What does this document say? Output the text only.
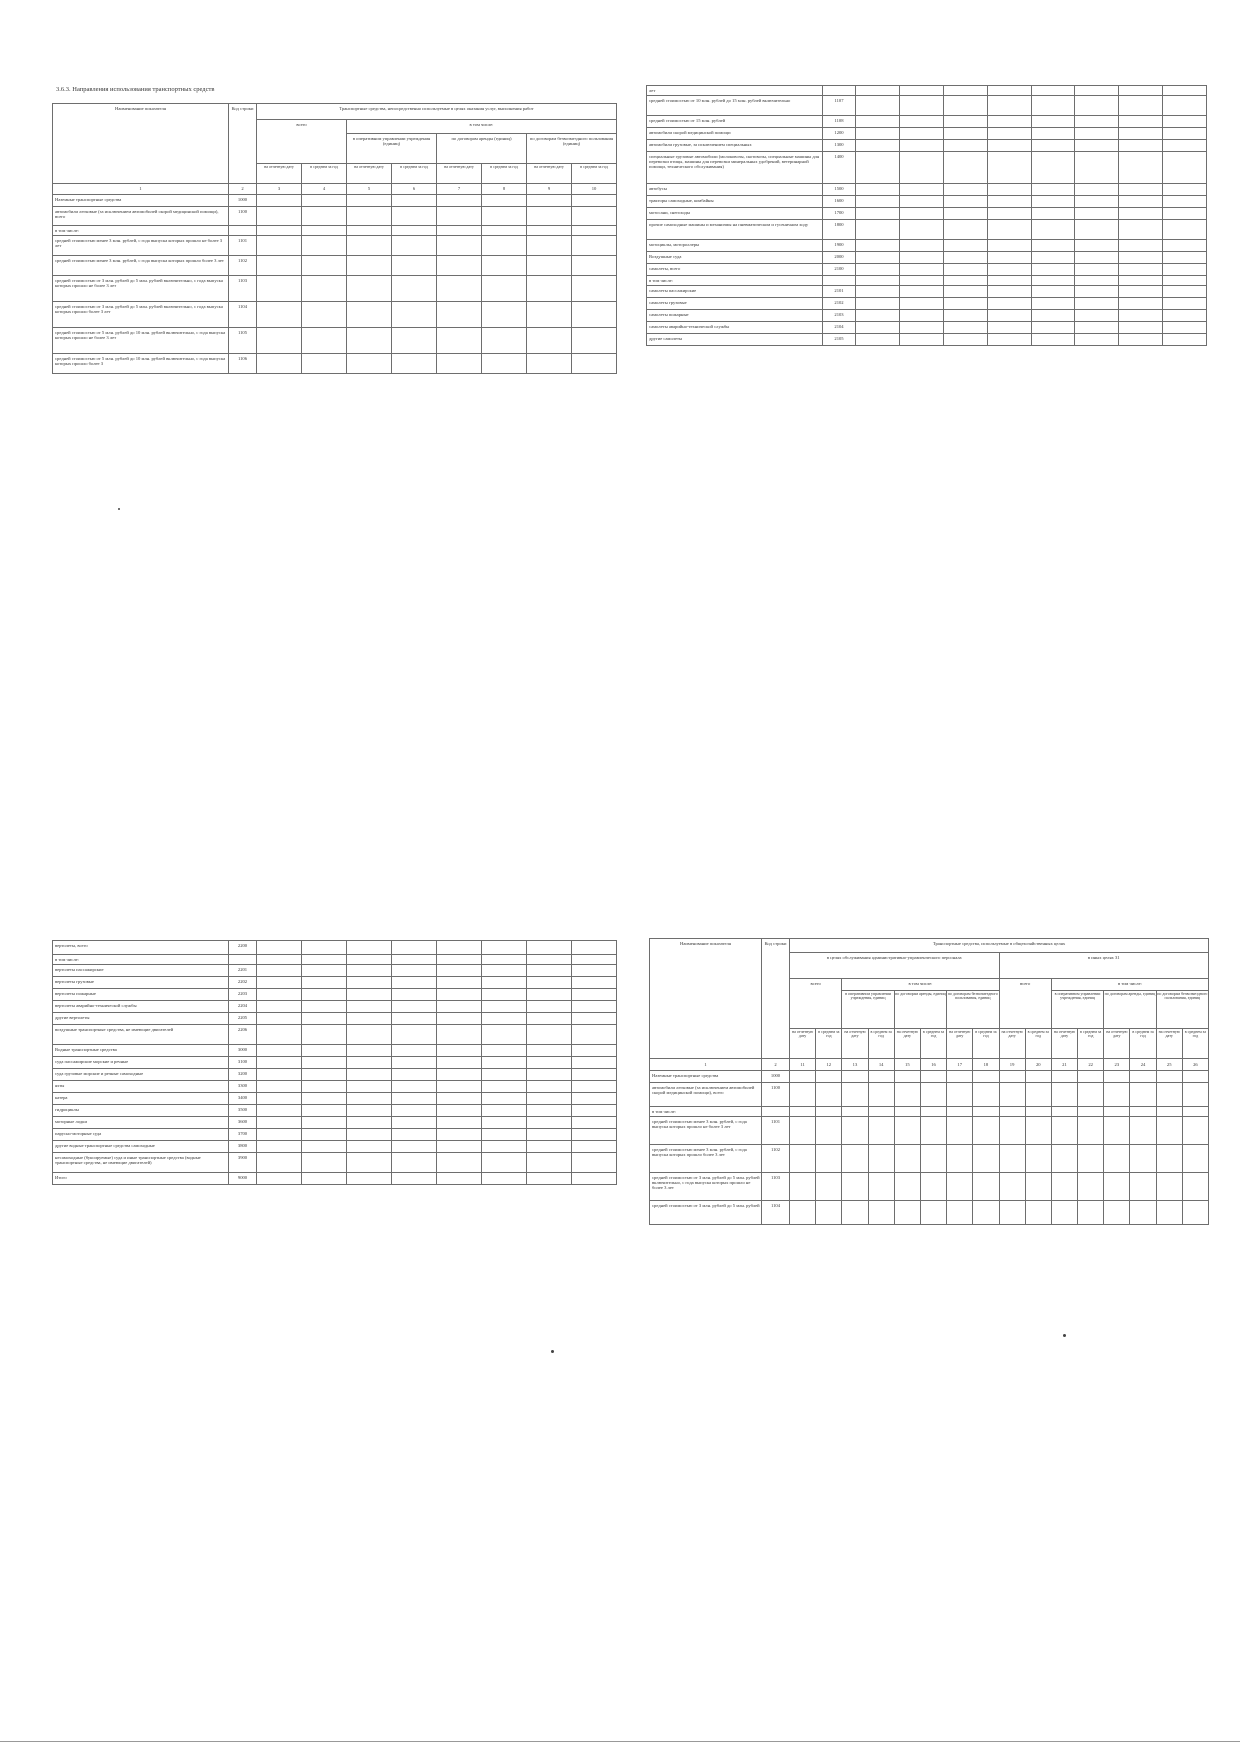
3.6.3. Направления использования транспортных средств
Наименование показателя	Код строки	Транспортные средства, непосредственно используемые в целях оказания услуг, выполнения работ							
		всего		в том числе:					
				в оперативном управлении учреждения (единиц)		по договорам аренды (единиц)		по договорам безвозмездного пользования (единиц)	
		на отчетную дату	в среднем за год	на отчетную дату	в среднем за год	на отчетную дату	в среднем за год	на отчетную дату	в среднем за год
1	2	3	4	5	6	7	8	9	10
Наземные транспортные средства	1000								
автомобили легковые (за исключением автомобилей скорой медицинской помощи), всего	1100								
в том числе:									
средней стоимостью менее 3 млн. рублей, с года выпуска которых прошло не более 3 лет	1101								
средней стоимостью менее 3 млн. рублей, с года выпуска которых прошло более 3 лет	1102								
средней стоимостью от 3 млн. рублей до 5 млн. рублей включительно, с года выпуска которых прошло не более 3 лет	1103								
средней стоимостью от 3 млн. рублей до 5 млн. рублей включительно, с года выпуска которых прошло более 3 лет	1104								
средней стоимостью от 5 млн. рублей до 10 млн. рублей включительно, с года выпуска которых прошло не более 3 лет	1105								
средней стоимостью от 5 млн. рублей до 10 млн. рублей включительно, с года выпуска которых прошло более 3	1106								
лет									
средней стоимостью от 10 млн. рублей до 15 млн. рублей включительно	1107								
средней стоимостью от 15 млн. рублей	1108								
автомобили скорой медицинской помощи	1200								
автомобили грузовые, за исключением специальных	1300								
специальные грузовые автомобили (молоковозы, скотовозы, специальные машины для перевозки птицы, машины для перевозки минеральных удобрений, ветеринарной помощи, технического обслуживания)	1400								
автобусы	1500								
тракторы самоходные, комбайны	1600								
мотосани, снегоходы	1700								
прочие самоходные машины и механизмы на пневматическом и гусеничном ходу	1800								
мотоциклы, мотороллеры	1900								
Воздушные суда	2000								
самолеты, всего	2100								
в том числе:									
самолеты пассажирские	2101								
самолеты грузовые	2102								
самолеты пожарные	2103								
самолеты аварийно-технической службы	2104								
другие самолеты	2105								
вертолеты, всего	2200								
в том числе:									
вертолеты пассажирские	2201								
вертолеты грузовые	2202								
вертолеты пожарные	2203								
вертолеты аварийно-технической службы	2204								
другие вертолеты	2205								
воздушные транспортные средства, не имеющие двигателей	2206								
Водные транспортные средства	3000								
суда пассажирские морские и речные	3100								
суда грузовые морские и речные самоходные	3200								
яхты	3300								
катера	3400								
гидроциклы	3500								
моторные лодки	3600								
парусно-моторные суда	3700								
другие водные транспортные средства самоходные	3800								
несамоходные (буксируемые) суда и иные транспортные средства (водные транспортные средства, не имеющие двигателей)	3900								
Итого	9000								
Наименование показателя	Код строки	Транспортные средства, используемые в общехозяйственных целях															
		в целях обслуживания административно-управленческого персонала								в иных целях 31							
		всего		в том числе:						всего		в том числе:					
				в оперативном управлении учреждения, единиц		по договорам аренды, единиц		по договорам безвозмездного пользования, единиц				в оперативном управлении учреждения, единиц		по договорам аренды, единиц		по договорам безвозмездного пользования, единиц	
		на отчетную дату	в среднем за год	на отчетную дату	в среднем за год	на отчетную дату	в среднем за год	на отчетную дату	в среднем за год	на отчетную дату	в среднем за год	на отчетную дату	в среднем за год	на отчетную дату	в среднем за год	на отчетную дату	в среднем за год
1	2	11	12	13	14	15	16	17	18	19	20	21	22	23	24	25	26
Наземные транспортные средства	1000																
автомобили легковые (за исключением автомобилей скорой медицинской помощи), всего	1100																
в том числе:																	
средней стоимостью менее 3 млн. рублей, с года выпуска которых прошло не более 3 лет	1101																
средней стоимостью менее 3 млн. рублей, с года выпуска которых прошло более 3 лет	1102																
средней стоимостью от 3 млн. рублей до 5 млн. рублей включительно, с года выпуска которых прошло не более 3 лет	1103																
средней стоимостью от 3 млн. рублей до 5 млн. рублей	1104																
